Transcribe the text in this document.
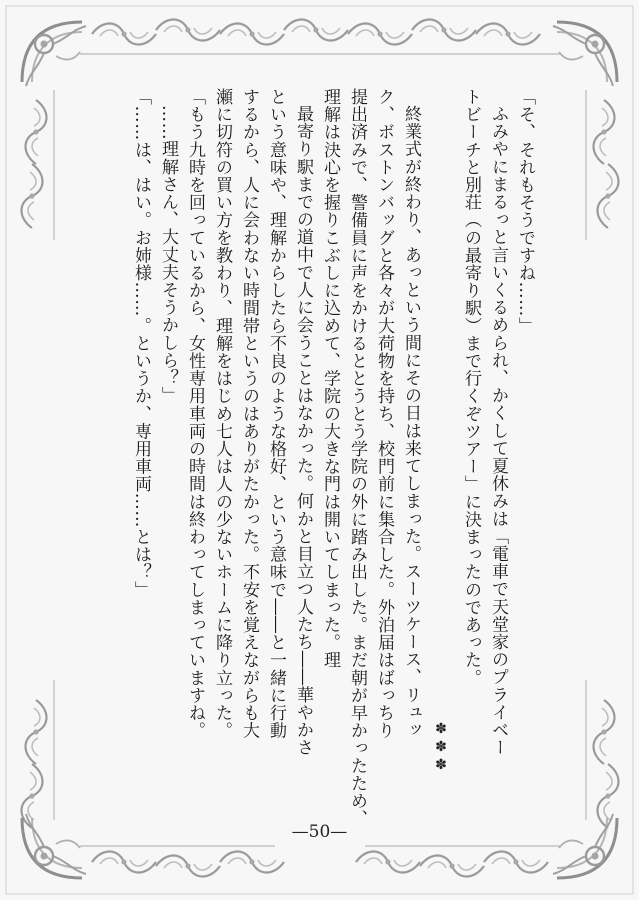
「そ、それもそうですね……」

ふみやにまるっと言いくるめられ、かくして夏休みは「電車で天堂家のプライベー

トビーチと別荘（の最寄り駅）まで行くぞツアー」に決まったのであった。

✽✽✽

終業式が終わり、あっという間にその日は来てしまった。スーツケース、リュッ

ク、ボストンバッグと各々が大荷物を持ち、校門前に集合した。外泊届はばっちり

提出済みで、警備員に声をかけるととうとう学院の外に踏み出した。まだ朝が早かったため、

理解は決心を握りこぶしに込めて、学院の大きな門は開いてしまった。理

最寄り駅までの道中で人に会うことはなかった。何かと目立つ人たち――華やかさ

という意味や、理解からしたら不良のような格好、という意味で――と一緒に行動

するから、人に会わない時間帯というのはありがたかった。不安を覚えながらも大

瀬に切符の買い方を教わり、理解をはじめ七人は人の少ないホームに降り立った。

「もう九時を回っているから、女性専用車両の時間は終わってしまっていますね。

……理解さん、大丈夫そうかしら？」

「……は、はい。お姉様……。というか、専用車両……とは？」

—50—
